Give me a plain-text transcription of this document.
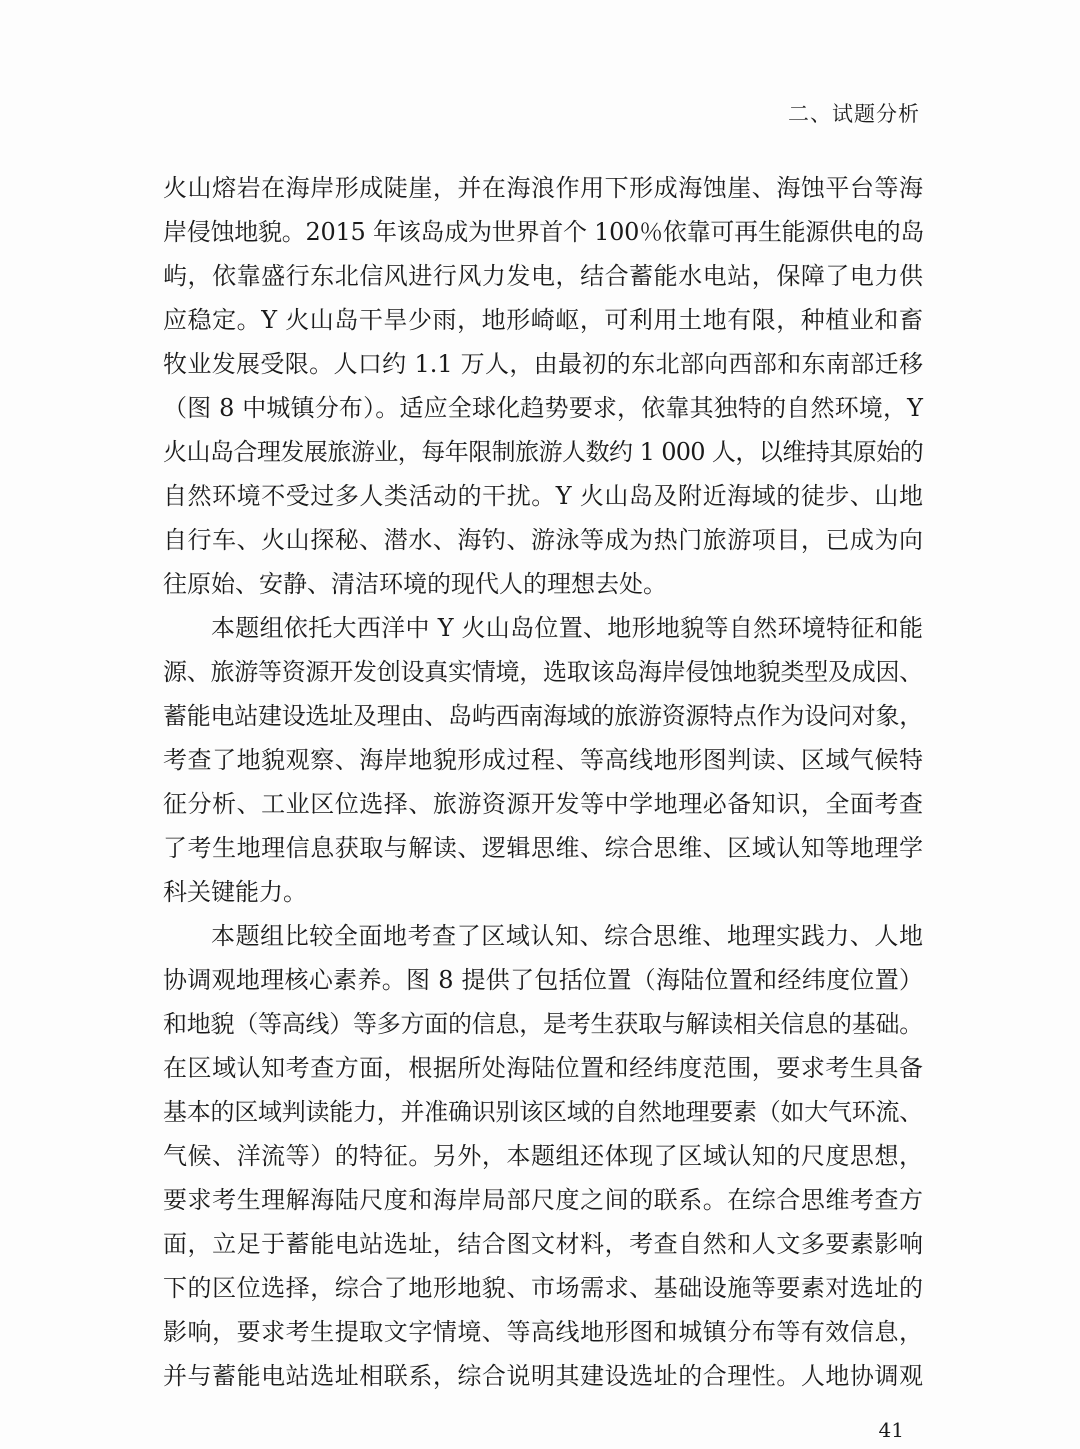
二、试题分析
火山熔岩在海岸形成陡崖，并在海浪作用下形成海蚀崖、海蚀平台等海
岸侵蚀地貌。2015 年该岛成为世界首个 100％依靠可再生能源供电的岛
屿，依靠盛行东北信风进行风力发电，结合蓄能水电站，保障了电力供
应稳定。Y 火山岛干旱少雨，地形崎岖，可利用土地有限，种植业和畜
牧业发展受限。人口约 1.1 万人，由最初的东北部向西部和东南部迁移
（图 8 中城镇分布）。适应全球化趋势要求，依靠其独特的自然环境，Y
火山岛合理发展旅游业，每年限制旅游人数约 1 000 人，以维持其原始的
自然环境不受过多人类活动的干扰。Y 火山岛及附近海域的徒步、山地
自行车、火山探秘、潜水、海钓、游泳等成为热门旅游项目，已成为向
往原始、安静、清洁环境的现代人的理想去处。
本题组依托大西洋中 Y 火山岛位置、地形地貌等自然环境特征和能
源、旅游等资源开发创设真实情境，选取该岛海岸侵蚀地貌类型及成因、
蓄能电站建设选址及理由、岛屿西南海域的旅游资源特点作为设问对象，
考查了地貌观察、海岸地貌形成过程、等高线地形图判读、区域气候特
征分析、工业区位选择、旅游资源开发等中学地理必备知识，全面考查
了考生地理信息获取与解读、逻辑思维、综合思维、区域认知等地理学
科关键能力。
本题组比较全面地考查了区域认知、综合思维、地理实践力、人地
协调观地理核心素养。图 8 提供了包括位置（海陆位置和经纬度位置）
和地貌（等高线）等多方面的信息，是考生获取与解读相关信息的基础。
在区域认知考查方面，根据所处海陆位置和经纬度范围，要求考生具备
基本的区域判读能力，并准确识别该区域的自然地理要素（如大气环流、
气候、洋流等）的特征。另外，本题组还体现了区域认知的尺度思想，
要求考生理解海陆尺度和海岸局部尺度之间的联系。在综合思维考查方
面，立足于蓄能电站选址，结合图文材料，考查自然和人文多要素影响
下的区位选择，综合了地形地貌、市场需求、基础设施等要素对选址的
影响，要求考生提取文字情境、等高线地形图和城镇分布等有效信息，
并与蓄能电站选址相联系，综合说明其建设选址的合理性。人地协调观
41
